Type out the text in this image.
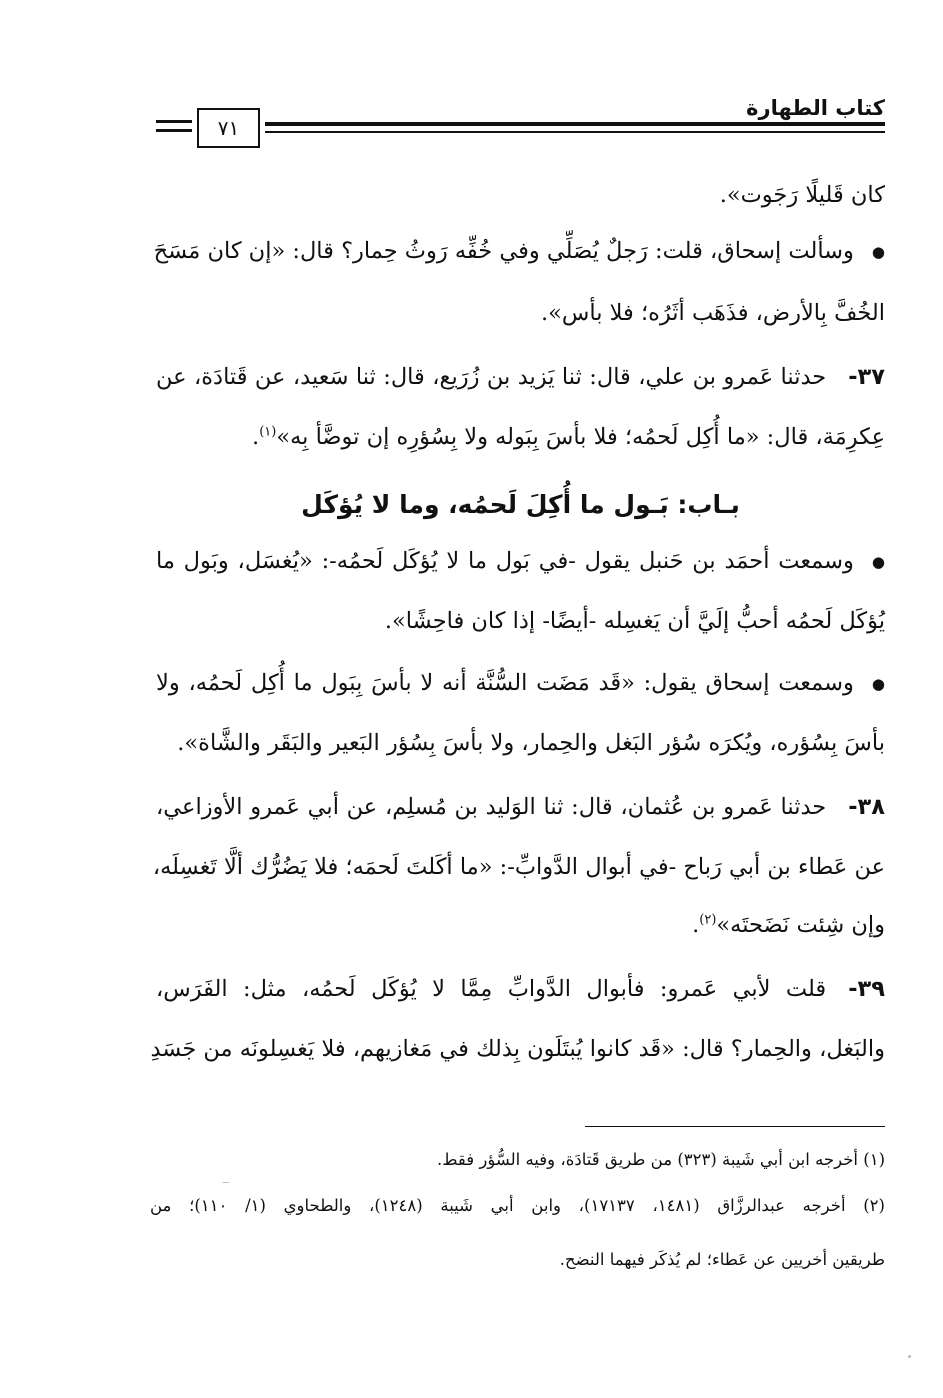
كتاب الطهارة
٧١
كان قَليلًا رَجَوت».
●وسألت إسحاق، قلت: رَجلٌ يُصَلِّي وفي خُفِّه رَوثُ حِمار؟ قال: «إن كان مَسَحَ
الخُفَّ بِالأرض، فذَهَب أثَرُه؛ فلا بأس».
٣٧-حدثنا عَمرو بن علي، قال: ثنا يَزيد بن زُرَيع، قال: ثنا سَعيد، عن قَتادَة، عن
عِكرِمَة، قال: «ما أُكِل لَحمُه؛ فلا بأسَ بِبَوله ولا بِسُؤرِه إن توضَّأ بِه»$^{(١)}$.
بـاب: بَـول ما أُكِلَ لَحمُه، وما لا يُؤكَل
●وسمعت أحمَد بن حَنبل يقول -في بَول ما لا يُؤكَل لَحمُه-: «يُغسَل، وبَول ما
يُؤكَل لَحمُه أحبُّ إلَيَّ أن يَغسِله -أيضًا- إذا كان فاحِشًا».
●وسمعت إسحاق يقول: «قَد مَضَت السُّنَّة أنه لا بأسَ بِبَول ما أُكِل لَحمُه، ولا
بأسَ بِسُؤره، ويُكرَه سُؤر البَغل والحِمار، ولا بأسَ بِسُؤر البَعير والبَقَر والشَّاة».
٣٨-حدثنا عَمرو بن عُثمان، قال: ثنا الوَليد بن مُسلِم، عن أبي عَمرو الأوزاعي،
عن عَطاء بن أبي رَباح -في أبوال الدَّوابِّ-: «ما أكَلتَ لَحمَه؛ فلا يَضُرُّك ألَّا تَغسِلَه،
وإن شِئت نَضَحتَه»$^{(٢)}$.
٣٩-قلت لأبي عَمرو: فأبوال الدَّوابِّ مِمَّا لا يُؤكَل لَحمُه، مثل: الفَرَس،
والبَغل، والحِمار؟ قال: «قَد كانوا يُبتَلَون بِذلك في مَغازيهم، فلا يَغسِلونَه من جَسَدِ
(١) أخرجه ابن أبي شَيبة (٣٢٣) من طريق قَتادَة، وفيه السُّؤر فقط.
(٢) أخرجه عبدالرزَّاق (١٤٨١، ١٧١٣٧)، وابن أبي شَيبة (١٢٤٨)، والطحاوي (١/ ١١٠)؛ من
طريقين أخريين عن عَطاء؛ لم يُذكَر فيهما النضح.
